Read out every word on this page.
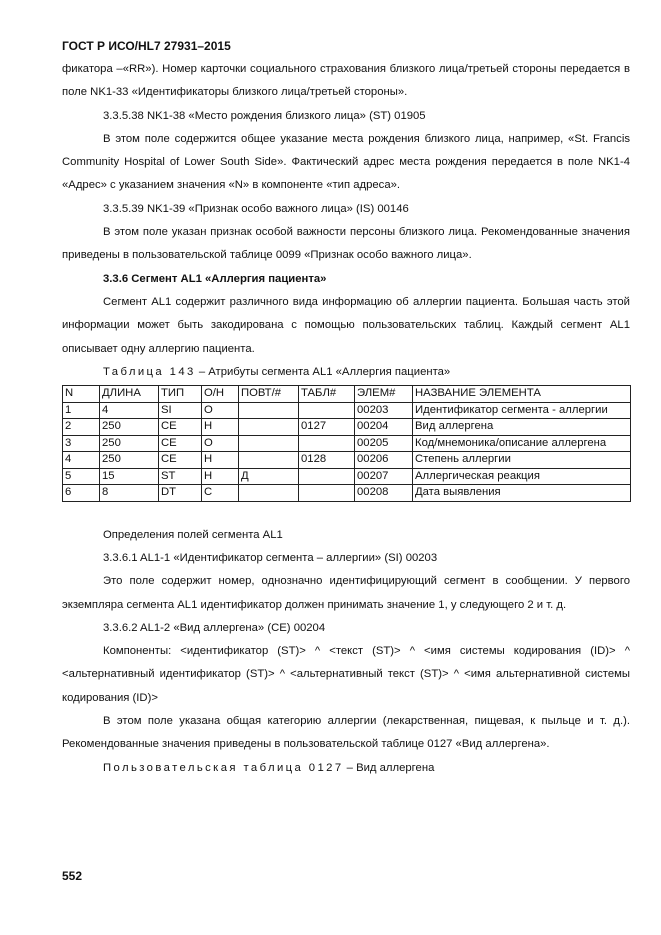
ГОСТ Р ИСО/HL7 27931–2015

фикатора –«RR»). Номер карточки социального страхования близкого лица/третьей стороны передается в поле NK1-33 «Идентификаторы близкого лица/третьей стороны».

3.3.5.38 NK1-38 «Место рождения близкого лица» (ST) 01905

В этом поле содержится общее указание места рождения близкого лица, например, «St. Francis Community Hospital of Lower South Side». Фактический адрес места рождения передается в поле NK1-4 «Адрес» с указанием значения «N» в компоненте «тип адреса».

3.3.5.39 NK1-39 «Признак особо важного лица» (IS) 00146

В этом поле указан признак особой важности персоны близкого лица. Рекомендованные значения приведены в пользовательской таблице 0099 «Признак особо важного лица».

3.3.6 Сегмент AL1 «Аллергия пациента»

Сегмент AL1 содержит различного вида информацию об аллергии пациента. Большая часть этой информации может быть закодирована с помощью пользовательских таблиц. Каждый сегмент AL1 описывает одну аллергию пациента.

Таблица 143 – Атрибуты сегмента AL1 «Аллергия пациента»

N	ДЛИНА	ТИП	О/Н	ПОВТ/#	ТАБЛ#	ЭЛЕМ#	НАЗВАНИЕ ЭЛЕМЕНТА
1	4	SI	О			00203	Идентификатор сегмента - аллергии
2	250	CE	Н		0127	00204	Вид аллергена
3	250	CE	О			00205	Код/мнемоника/описание аллергена
4	250	CE	Н		0128	00206	Степень аллергии
5	15	ST	Н	Д		00207	Аллергическая реакция
6	8	DT	С			00208	Дата выявления

Определения полей сегмента AL1

3.3.6.1 AL1-1 «Идентификатор сегмента – аллергии» (SI) 00203

Это поле содержит номер, однозначно идентифицирующий сегмент в сообщении. У первого экземпляра сегмента AL1 идентификатор должен принимать значение 1, у следующего 2 и т. д.

3.3.6.2 AL1-2 «Вид аллергена» (CE) 00204

Компоненты: <идентификатор (ST)> ^ <текст (ST)> ^ <имя системы кодирования (ID)> ^ <альтернативный идентификатор (ST)> ^ <альтернативный текст (ST)> ^ <имя альтернативной системы кодирования (ID)>

В этом поле указана общая категорию аллергии (лекарственная, пищевая, к пыльце и т. д.). Рекомендованные значения приведены в пользовательской таблице 0127 «Вид аллергена».

Пользовательская таблица 0127 – Вид аллергена

552
